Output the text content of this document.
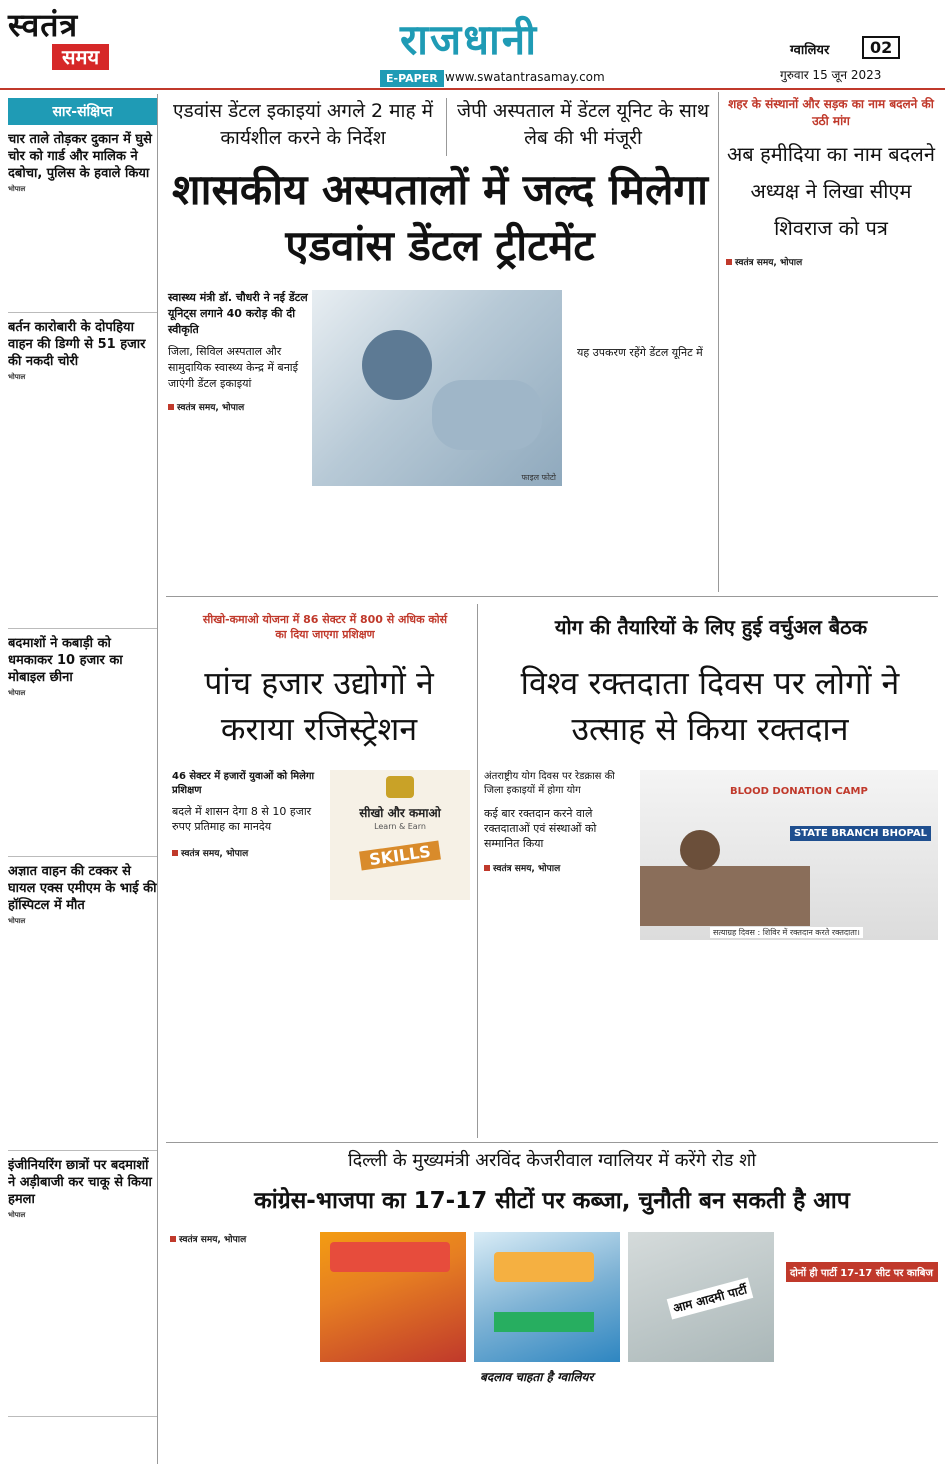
स्वतंत्र
समय	राजधानी
E-PAPER www.swatantrasamay.com
ग्वालियर	02
गुरुवार 15 जून 2023
सार-संक्षिप्त
चार ताले तोड़कर दुकान में घुसे चोर को गार्ड और मालिक ने दबोचा, पुलिस के हवाले किया
भोपाल
बर्तन कारोबारी के दोपहिया वाहन की डिग्गी से 51 हजार की नकदी चोरी
भोपाल
बदमाशों ने कबाड़ी को धमकाकर 10 हजार का मोबाइल छीना
भोपाल
अज्ञात वाहन की टक्कर से घायल एक्स एमीएम के भाई की हॉस्पिटल में मौत
भोपाल
इंजीनियरिंग छात्रों पर बदमाशों ने अड़ीबाजी कर चाकू से किया हमला
भोपाल
एडवांस डेंटल इकाइयां अगले 2 माह में कार्यशील करने के निर्देश
जेपी अस्पताल में डेंटल यूनिट के साथ लेब की भी मंजूरी
शासकीय अस्पतालों में जल्द मिलेगा एडवांस डेंटल ट्रीटमेंट
स्वास्थ्य मंत्री डॉ. चौधरी ने नई डेंटल यूनिट्स लगाने 40 करोड़ की दी स्वीकृति
जिला, सिविल अस्पताल और सामुदायिक स्वास्थ्य केन्द्र में बनाई जाएंगी डेंटल इकाइयां
स्वतंत्र समय, भोपाल
फाइल फोटो
यह उपकरण रहेंगे डेंटल यूनिट में
शहर के संस्थानों और सड़क का नाम बदलने की उठी मांग
अब हमीदिया का नाम बदलने अध्यक्ष ने लिखा सीएम शिवराज को पत्र
स्वतंत्र समय, भोपाल
सीखो-कमाओ योजना में 86 सेक्टर में 800 से अधिक कोर्स का दिया जाएगा प्रशिक्षण
पांच हजार उद्योगों ने कराया रजिस्ट्रेशन
46 सेक्टर में हजारों युवाओं को मिलेगा प्रशिक्षण
बदले में शासन देगा 8 से 10 हजार रुपए प्रतिमाह का मानदेय
स्वतंत्र समय, भोपाल
सीखो और कमाओ
Learn & Earn
SKILLS
योग की तैयारियों के लिए हुई वर्चुअल बैठक
विश्व रक्तदाता दिवस पर लोगों ने उत्साह से किया रक्तदान
अंतराष्ट्रीय योग दिवस पर रेडक्रास की जिला इकाइयों में होगा योग
कई बार रक्तदान करने वाले रक्तदाताओं एवं संस्थाओं को सम्मानित किया
स्वतंत्र समय, भोपाल
BLOOD DONATION CAMP
STATE BRANCH BHOPAL
सत्याग्रह दिवस : शिविर में रक्तदान करते रक्तदाता।
दिल्ली के मुख्यमंत्री अरविंद केजरीवाल ग्वालियर में करेंगे रोड शो
कांग्रेस-भाजपा का 17-17 सीटों पर कब्जा, चुनौती बन सकती है आप
स्वतंत्र समय, भोपाल
आम आदमी पार्टी
बदलाव चाहता है ग्वालियर
दोनों ही पार्टी 17-17 सीट पर काबिज
